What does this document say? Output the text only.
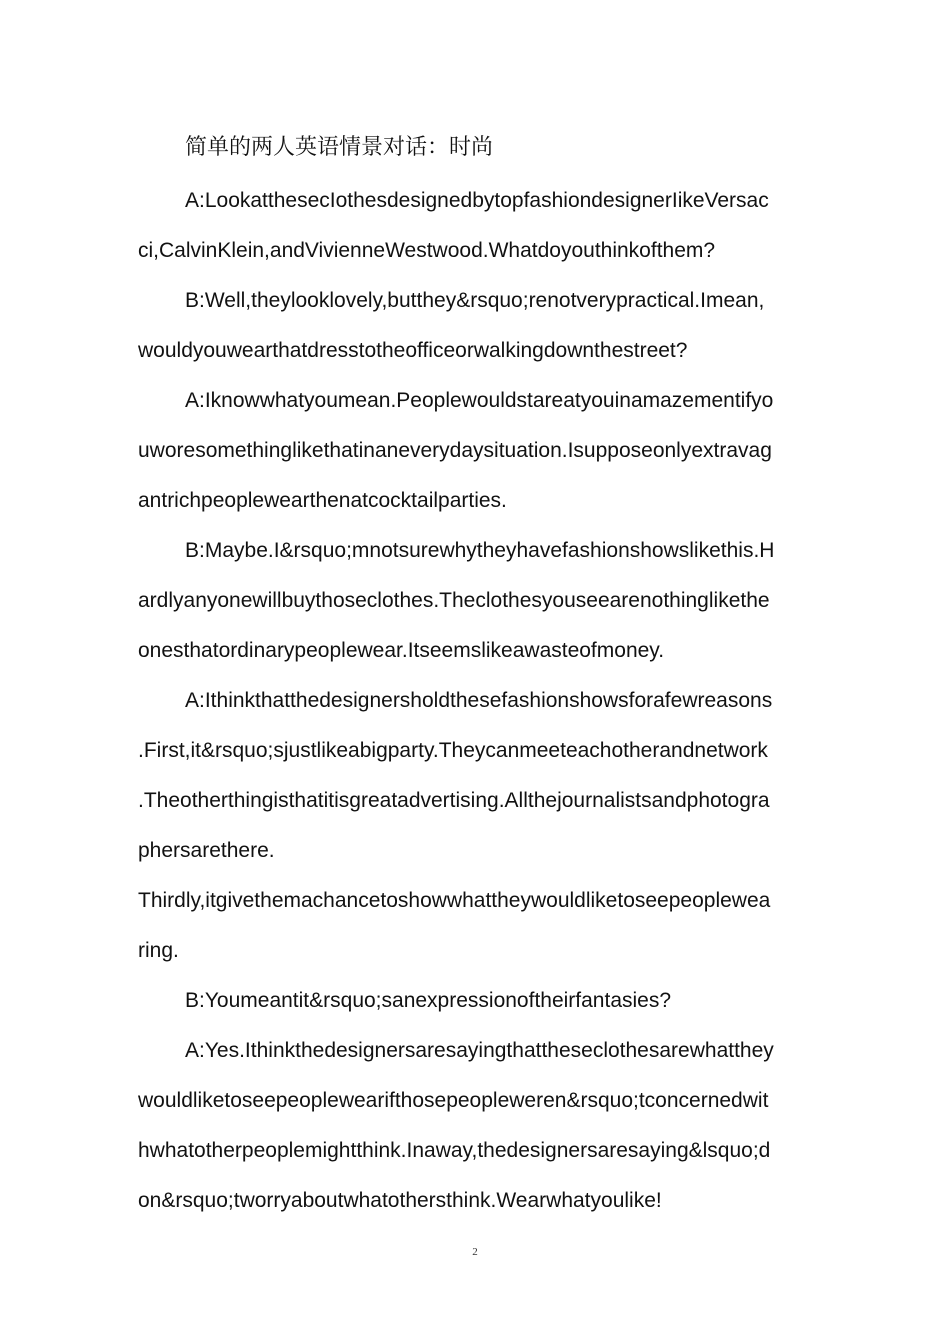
简单的两人英语情景对话：时尚
A:LookatthesecIothesdesignedbytopfashiondesignerIikeVersac
ci,CalvinKlein,andVivienneWestwood.Whatdoyouthinkofthem?
B:Well,theylooklovely,butthey&rsquo;renotverypractical.Imean,
wouldyouwearthatdresstotheofficeorwalkingdownthestreet?
A:Iknowwhatyoumean.Peoplewouldstareatyouinamazementifyo
uworesomethinglikethatinaneverydaysituation.Isupposeonlyextravag
antrichpeoplewearthenatcocktailparties.
B:Maybe.I&rsquo;mnotsurewhytheyhavefashionshowslikethis.H
ardlyanyonewillbuythoseclothes.Theclothesyouseearenothinglikethe
onesthatordinarypeoplewear.Itseemslikeawasteofmoney.
A:Ithinkthatthedesignersholdthesefashionshowsforafewreasons
.First,it&rsquo;sjustlikeabigparty.Theycanmeeteachotherandnetwork
.Theotherthingisthatitisgreatadvertising.Allthejournalistsandphotogra
phersarethere.
Thirdly,itgivethemachancetoshowwhattheywouldliketoseepeoplewea
ring.
B:Youmeantit&rsquo;sanexpressionoftheirfantasies?
A:Yes.Ithinkthedesignersaresayingthattheseclothesarewhatthey
wouldliketoseepeoplewearifthosepeopleweren&rsquo;tconcernedwit
hwhatotherpeoplemightthink.Inaway,thedesignersaresaying&lsquo;d
on&rsquo;tworryaboutwhatothersthink.Wearwhatyoulike!
2
